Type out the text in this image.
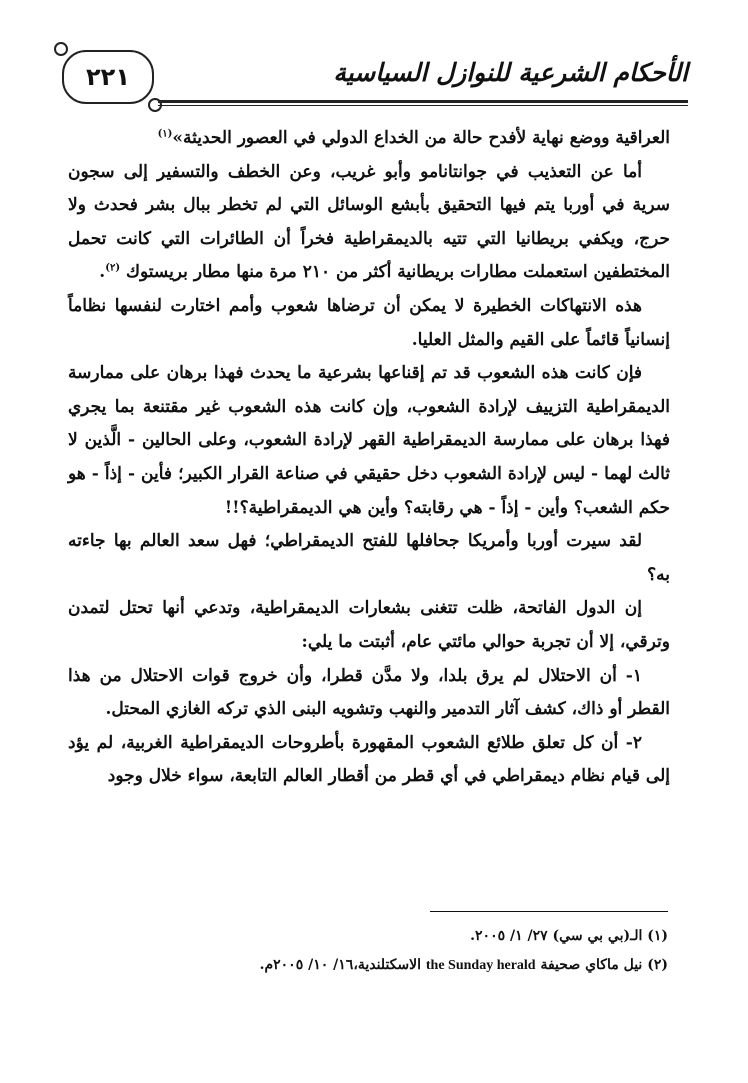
٢٢١	الأحكام الشرعية للنوازل السياسية

العراقية ووضع نهاية لأفدح حالة من الخداع الدولي في العصور الحديثة»$^{(١)}$

أما عن التعذيب في جوانتانامو وأبو غريب، وعن الخطف والتسفير إلى سجون سرية في أوربا يتم فيها التحقيق بأبشع الوسائل التي لم تخطر ببال بشر فحدث ولا حرج، ويكفي بريطانيا التي تتيه بالديمقراطية فخراً أن الطائرات التي كانت تحمل المختطفين استعملت مطارات بريطانية أكثر من ٢١٠ مرة منها مطار بريستوك $^{(٢)}$.

هذه الانتهاكات الخطيرة لا يمكن أن ترضاها شعوب وأمم اختارت لنفسها نظاماً إنسانياً قائماً على القيم والمثل العليا.

فإن كانت هذه الشعوب قد تم إقناعها بشرعية ما يحدث فهذا برهان على ممارسة الديمقراطية التزييف لإرادة الشعوب، وإن كانت هذه الشعوب غير مقتنعة بما يجري فهذا برهان على ممارسة الديمقراطية القهر لإرادة الشعوب، وعلى الحالين - الَّذين لا ثالث لهما - ليس لإرادة الشعوب دخل حقيقي في صناعة القرار الكبير؛ فأين - إذاً - هو حكم الشعب؟ وأين - إذاً - هي رقابته؟ وأين هي الديمقراطية؟!!

لقد سيرت أوربا وأمريكا جحافلها للفتح الديمقراطي؛ فهل سعد العالم بها جاءته به؟

إن الدول الفاتحة، ظلت تتغنى بشعارات الديمقراطية، وتدعي أنها تحتل لتمدن وترقي، إلا أن تجربة حوالي مائتي عام، أثبتت ما يلي:

١- أن الاحتلال لم يرق بلدا، ولا مدَّن قطرا، وأن خروج قوات الاحتلال من هذا القطر أو ذاك، كشف آثار التدمير والنهب وتشويه البنى الذي تركه الغازي المحتل.

٢- أن كل تعلق طلائع الشعوب المقهورة بأطروحات الديمقراطية الغربية، لم يؤد إلى قيام نظام ديمقراطي في أي قطر من أقطار العالم التابعة، سواء خلال وجود

(١) الـ(بي بي سي) ٢٧/ ١/ ٢٠٠٥.

(٢) نيل ماكاي صحيفة the Sunday herald الاسكتلندية،١٦/ ١٠/ ٢٠٠٥م.
